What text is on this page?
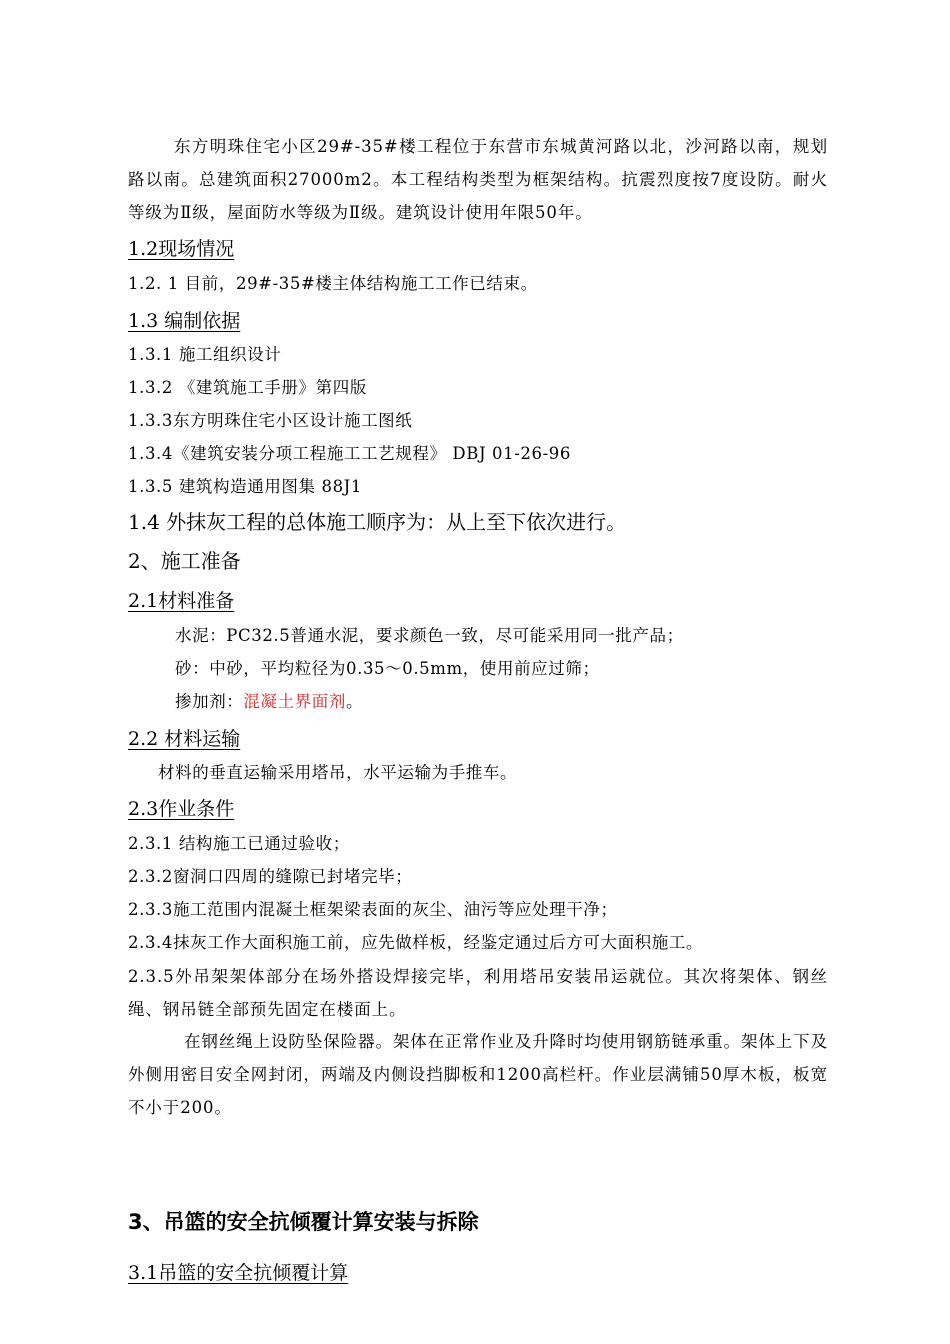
东方明珠住宅小区29#-35#楼工程位于东营市东城黄河路以北，沙河路以南，规划路以南。总建筑面积27000m2。本工程结构类型为框架结构。抗震烈度按7度设防。耐火等级为Ⅱ级，屋面防水等级为Ⅱ级。建筑设计使用年限50年。
1.2现场情况
1.2. 1 目前，29#-35#楼主体结构施工工作已结束。
1.3 编制依据
1.3.1 施工组织设计
1.3.2 《建筑施工手册》第四版
1.3.3东方明珠住宅小区设计施工图纸
1.3.4《建筑安装分项工程施工工艺规程》 DBJ 01-26-96
1.3.5 建筑构造通用图集 88J1
1.4 外抹灰工程的总体施工顺序为：从上至下依次进行。
2、施工准备
2.1材料准备
水泥：PC32.5普通水泥，要求颜色一致，尽可能采用同一批产品；
砂：中砂，平均粒径为0.35～0.5mm，使用前应过筛；
掺加剂：混凝土界面剂。
2.2 材料运输
材料的垂直运输采用塔吊，水平运输为手推车。
2.3作业条件
2.3.1 结构施工已通过验收；
2.3.2窗洞口四周的缝隙已封堵完毕；
2.3.3施工范围内混凝土框架梁表面的灰尘、油污等应处理干净；
2.3.4抹灰工作大面积施工前，应先做样板，经鉴定通过后方可大面积施工。
2.3.5外吊架架体部分在场外搭设焊接完毕，利用塔吊安装吊运就位。其次将架体、钢丝绳、钢吊链全部预先固定在楼面上。
在钢丝绳上设防坠保险器。架体在正常作业及升降时均使用钢筋链承重。架体上下及外侧用密目安全网封闭，两端及内侧设挡脚板和1200高栏杆。作业层满铺50厚木板，板宽不小于200。
3、吊篮的安全抗倾覆计算安装与拆除
3.1吊篮的安全抗倾覆计算
